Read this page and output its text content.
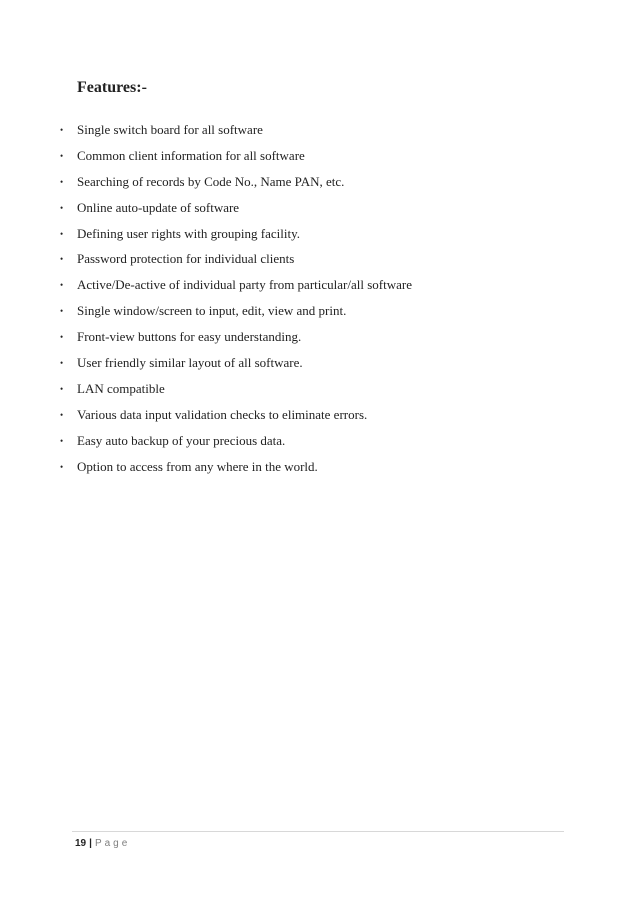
Features:-
• Single switch board for all software
• Common client information for all software
• Searching of records by Code No., Name PAN, etc.
• Online auto-update of software
• Defining user rights with grouping facility.
• Password protection for individual clients
• Active/De-active of individual party from particular/all software
• Single window/screen to input, edit, view and print.
• Front-view buttons for easy understanding.
• User friendly similar layout of all software.
• LAN compatible
• Various data input validation checks to eliminate errors.
• Easy auto backup of your precious data.
• Option to access from any where in the world.
19 | Page
